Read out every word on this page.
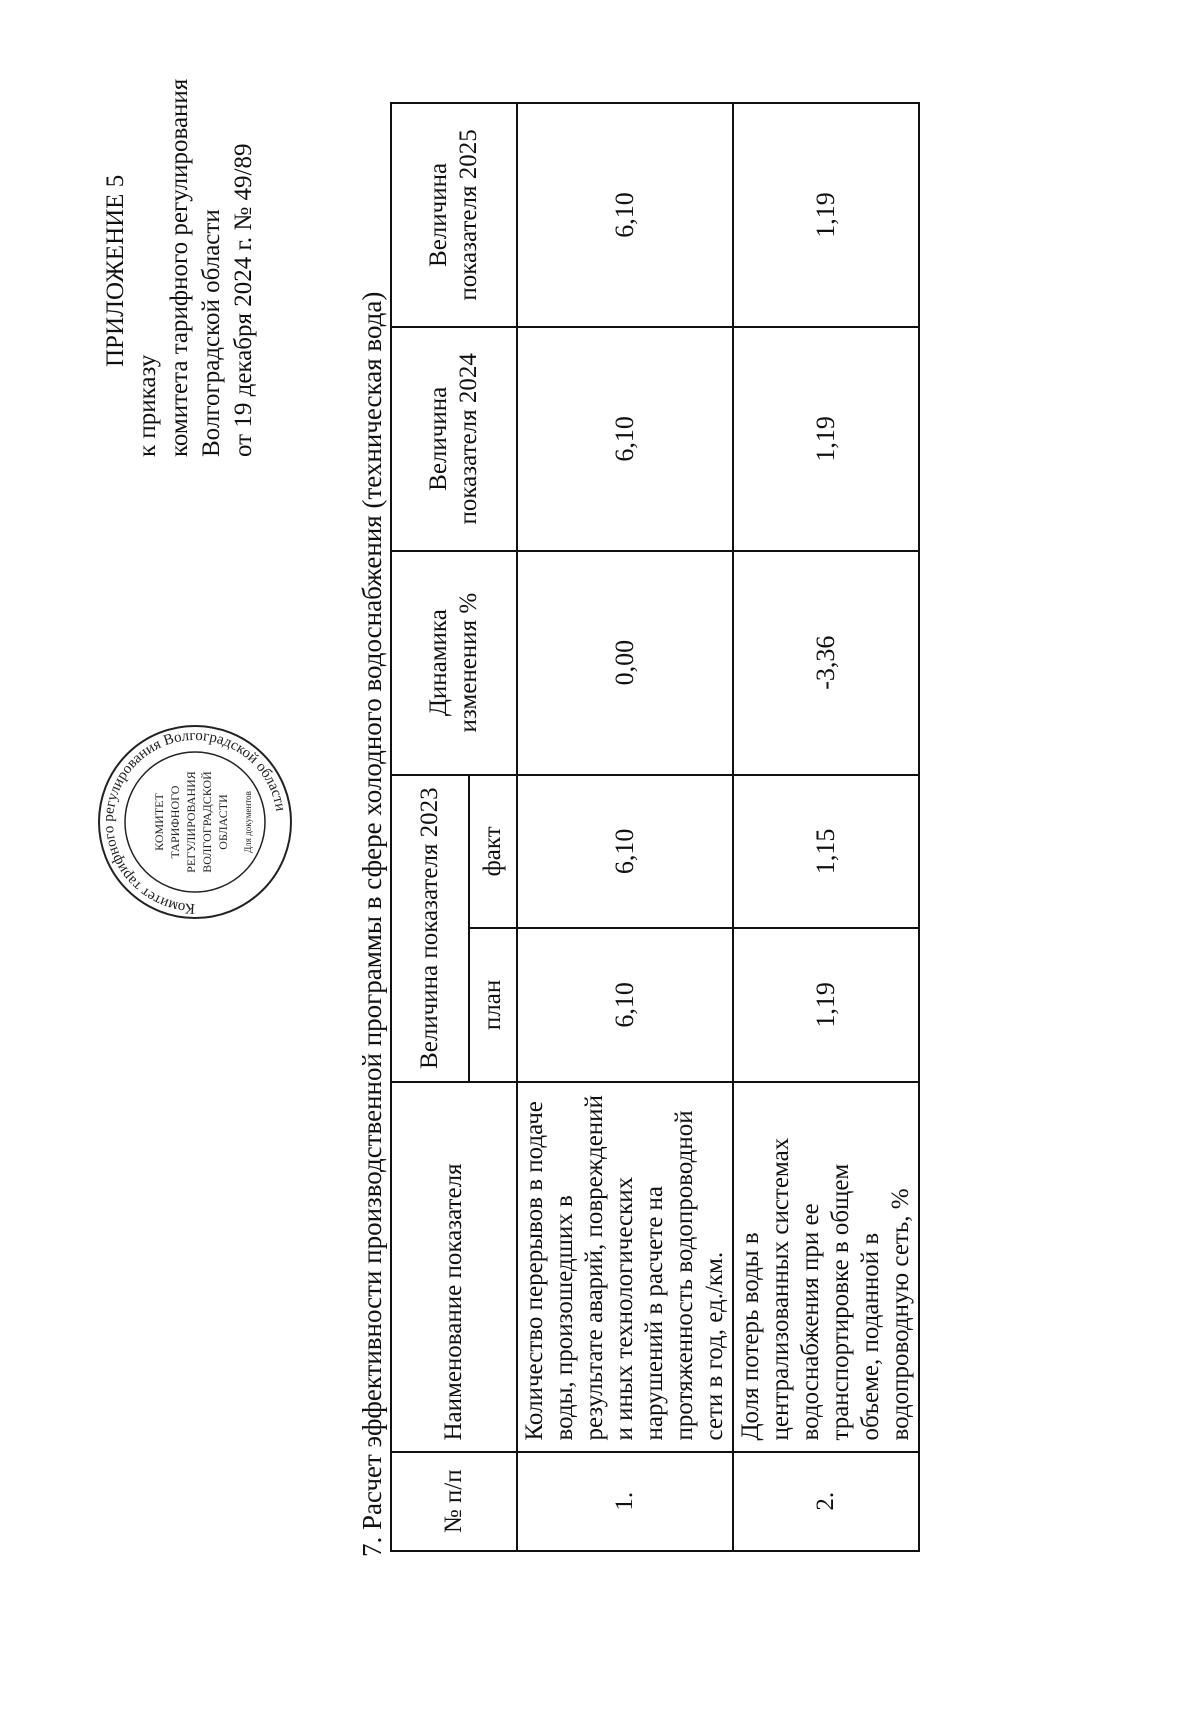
ПРИЛОЖЕНИЕ 5
к приказу комитета тарифного регулирования Волгоградской области от 19 декабря 2024 г. № 49/89
Комитет тарифного регулирования Волгоградской области
КОМИТЕТ ТАРИФНОГО РЕГУЛИРОВАНИЯ ВОЛГОГРАДСКОЙ ОБЛАСТИ Для документов	7. Расчет эффективности производственной программы в сфере холодного водоснабжения (техническая вода) № п/п	Наименование показателя	Величина показателя 2023		Динамика изменения %	Величина показателя 2024	Величина показателя 2025
		план	факт			
1.	Количество перерывов в подаче воды, произошедших в результате аварий, повреждений и иных технологических нарушений в расчете на протяженность водопроводной сети в год, ед./км.	6,10	6,10	0,00	6,10	6,10
2.	Доля потерь воды в централизованных системах водоснабжения при ее транспортировке в общем объеме, поданной в водопроводную сеть, %	1,19	1,15	-3,36	1,19	1,19
